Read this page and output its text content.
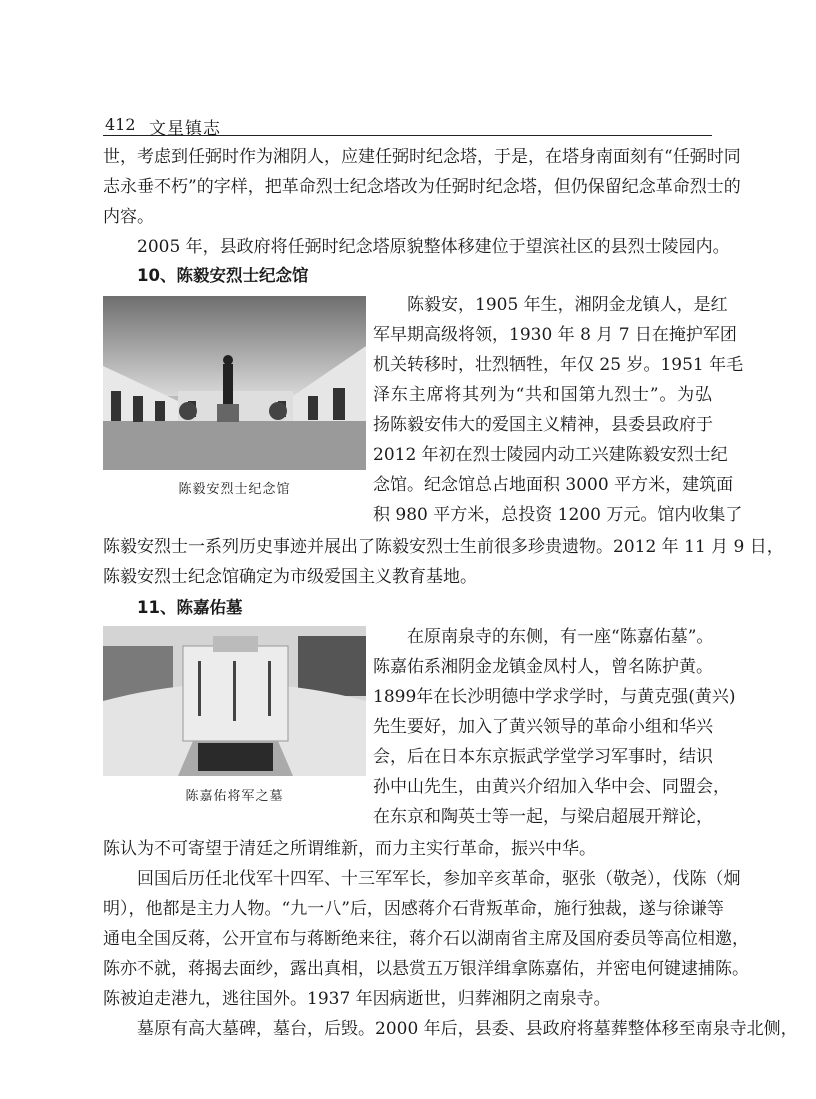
412 文星镇志
世，考虑到任弼时作为湘阴人，应建任弼时纪念塔，于是，在塔身南面刻有“任弼时同
志永垂不朽”的字样，把革命烈士纪念塔改为任弼时纪念塔，但仍保留纪念革命烈士的
内容。
2005 年，县政府将任弼时纪念塔原貌整体移建位于望滨社区的县烈士陵园内。
10、陈毅安烈士纪念馆
陈毅安烈士纪念馆
陈毅安，1905 年生，湘阴金龙镇人，是红
军早期高级将领，1930 年 8 月 7 日在掩护军团
机关转移时，壮烈牺牲，年仅 25 岁。1951 年毛
泽东主席将其列为“共和国第九烈士”。为弘
扬陈毅安伟大的爱国主义精神，县委县政府于
2012 年初在烈士陵园内动工兴建陈毅安烈士纪
念馆。纪念馆总占地面积 3000 平方米，建筑面
积 980 平方米，总投资 1200 万元。馆内收集了
陈毅安烈士一系列历史事迹并展出了陈毅安烈士生前很多珍贵遗物。2012 年 11 月 9 日，
陈毅安烈士纪念馆确定为市级爱国主义教育基地。
11、陈嘉佑墓
陈嘉佑将军之墓
在原南泉寺的东侧，有一座“陈嘉佑墓”。
陈嘉佑系湘阴金龙镇金凤村人，曾名陈护黄。
1899年在长沙明德中学求学时，与黄克强(黄兴)
先生要好，加入了黄兴领导的革命小组和华兴
会，后在日本东京振武学堂学习军事时，结识
孙中山先生，由黄兴介绍加入华中会、同盟会，
在东京和陶英士等一起，与梁启超展开辩论，
陈认为不可寄望于清廷之所谓维新，而力主实行革命，振兴中华。
回国后历任北伐军十四军、十三军军长，参加辛亥革命，驱张（敬尧），伐陈（炯
明），他都是主力人物。“九一八”后，因感蒋介石背叛革命，施行独裁，遂与徐谦等
通电全国反蒋，公开宣布与蒋断绝来往，蒋介石以湖南省主席及国府委员等高位相邀，
陈亦不就，蒋揭去面纱，露出真相，以悬赏五万银洋缉拿陈嘉佑，并密电何键逮捕陈。
陈被迫走港九，逃往国外。1937 年因病逝世，归葬湘阴之南泉寺。
墓原有高大墓碑，墓台，后毁。2000 年后，县委、县政府将墓葬整体移至南泉寺北侧，
